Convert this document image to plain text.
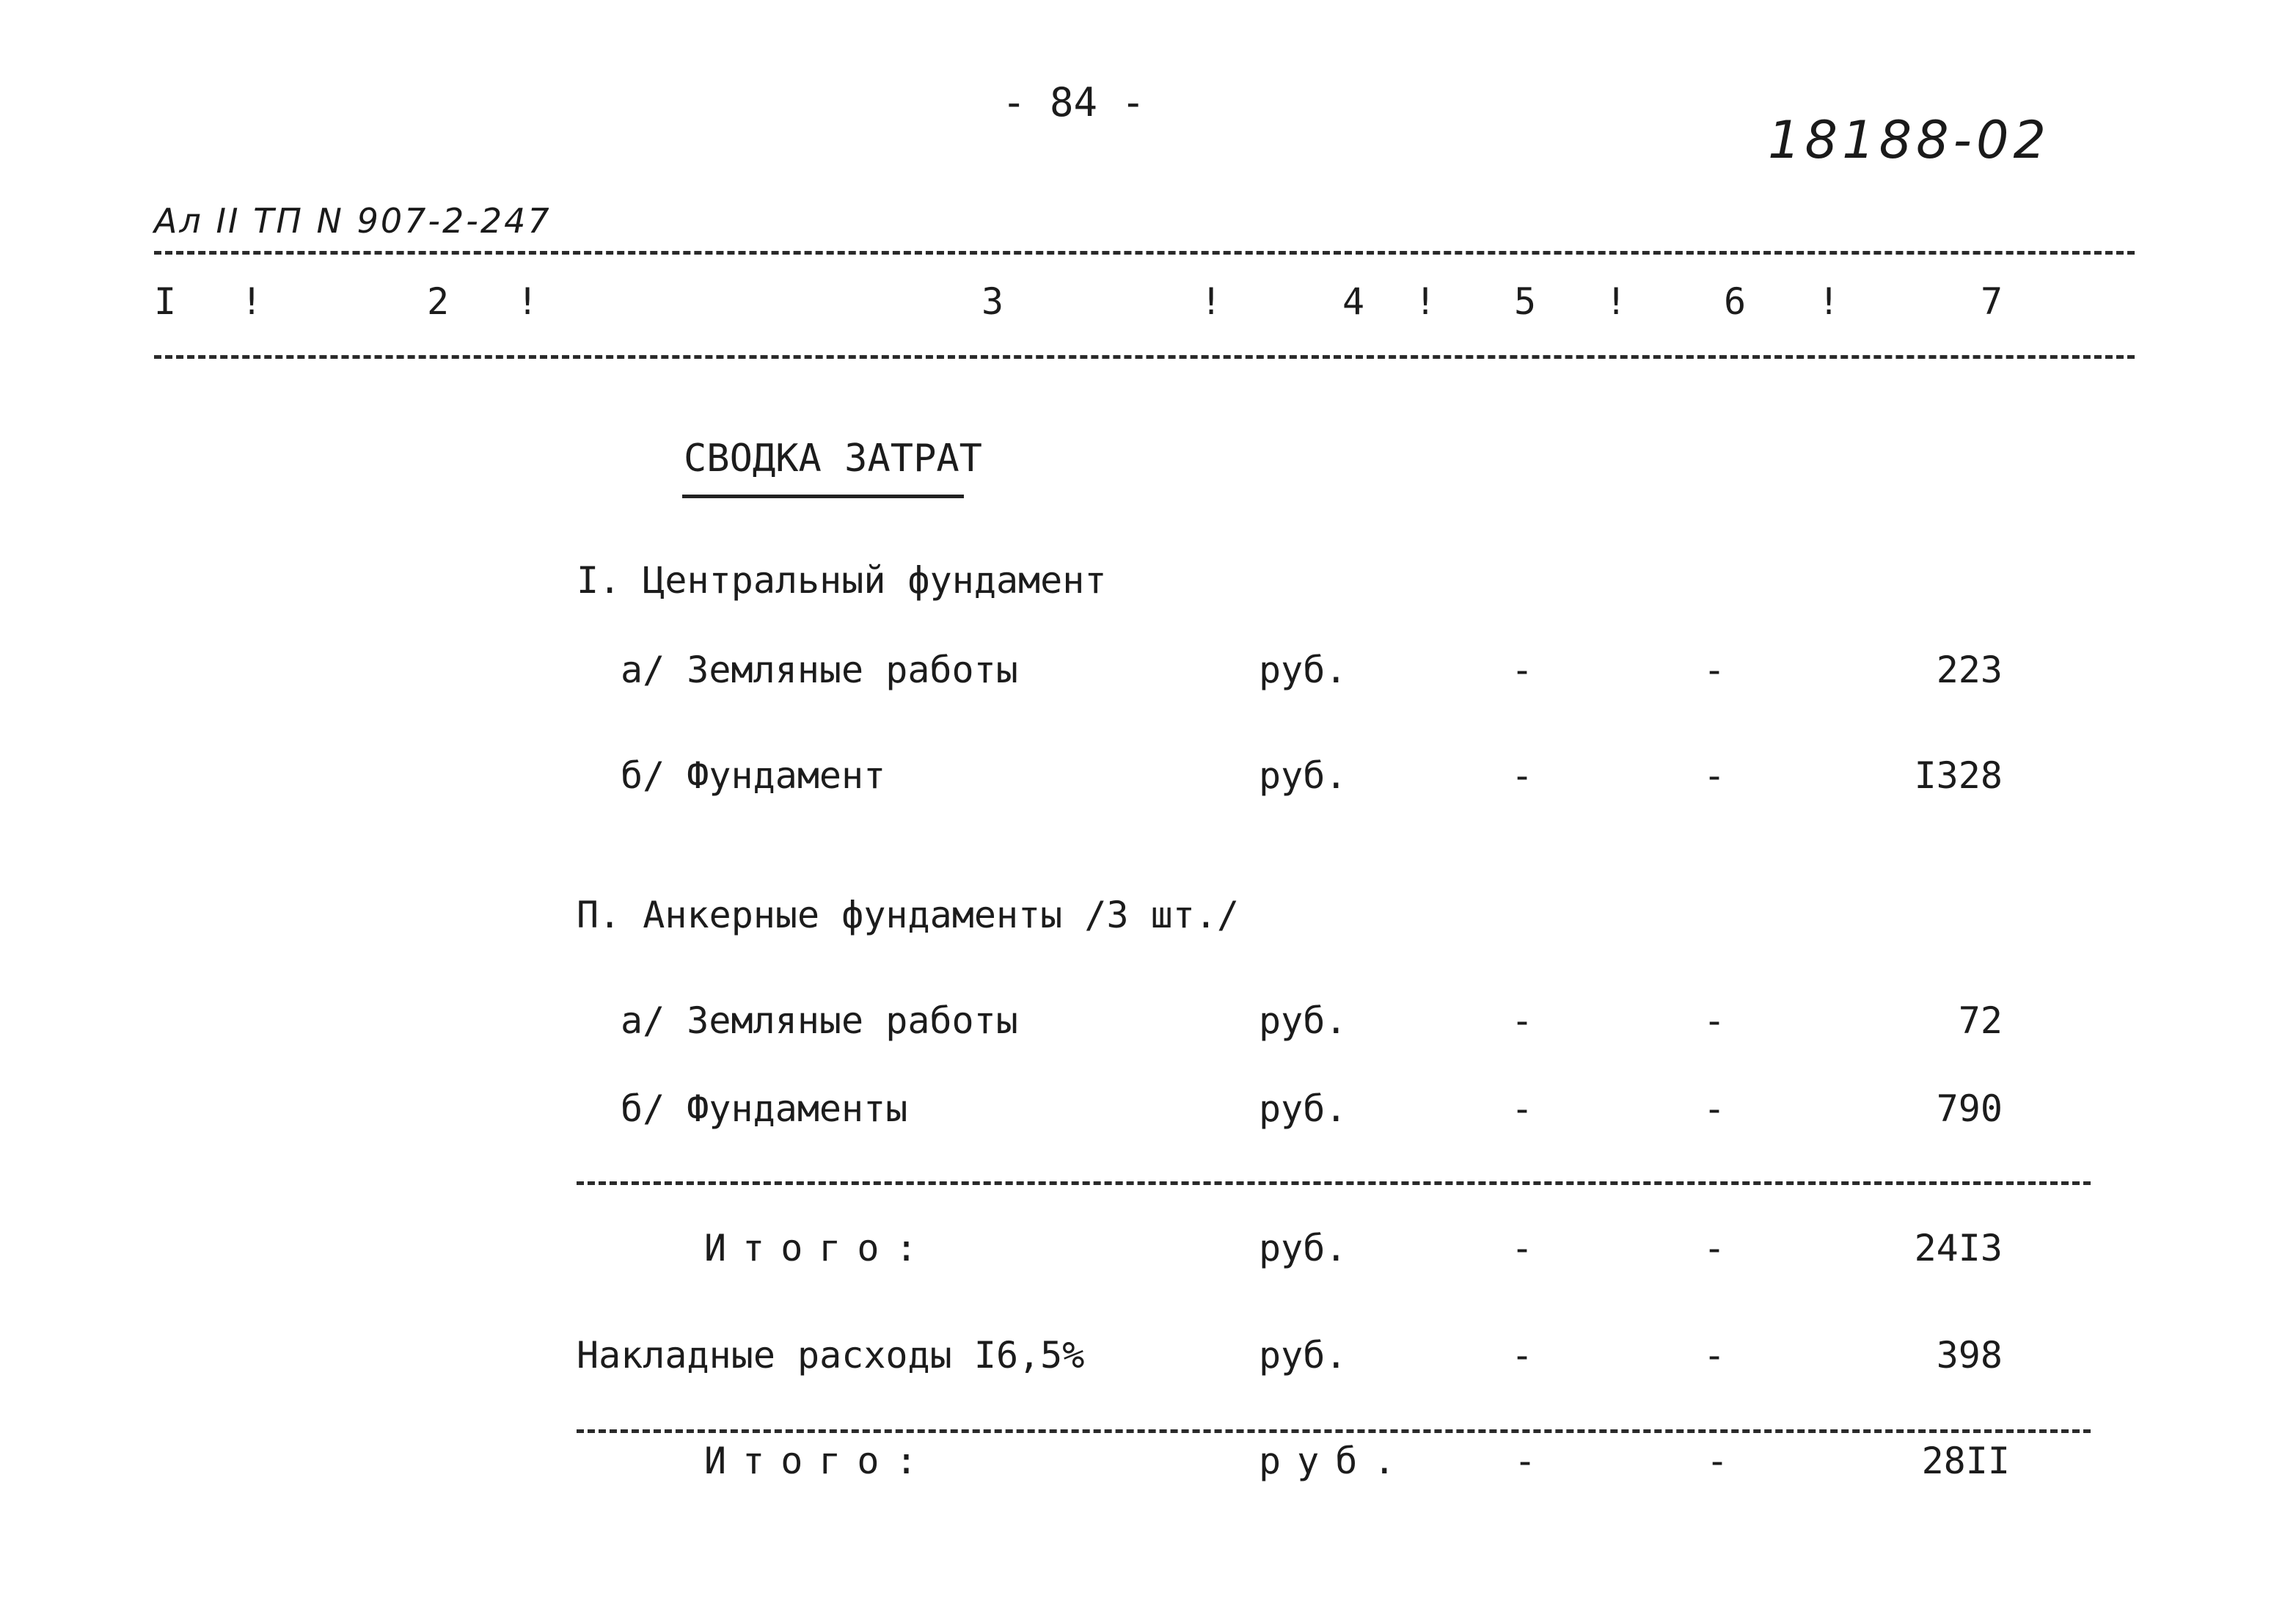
- 84 -
18188-02
Ал II ТП N 907-2-247
I !	2 !	3	!	4 ! 5 !	6 !	7
СВОДКА ЗАТРАТ
I. Центральный фундамент
а/ Земляные работы	руб.	-	-	223
б/ Фундамент	руб.	-	-	I328
П. Анкерные фундаменты /3 шт./
а/ Земляные работы	руб.	-	-	72
б/ Фундаменты	руб.	-	-	790
Итого:	руб.	-	-	24I3
Накладные расходы I6,5%	руб.	-	-	398
Итого:	руб.	-	-	28II
